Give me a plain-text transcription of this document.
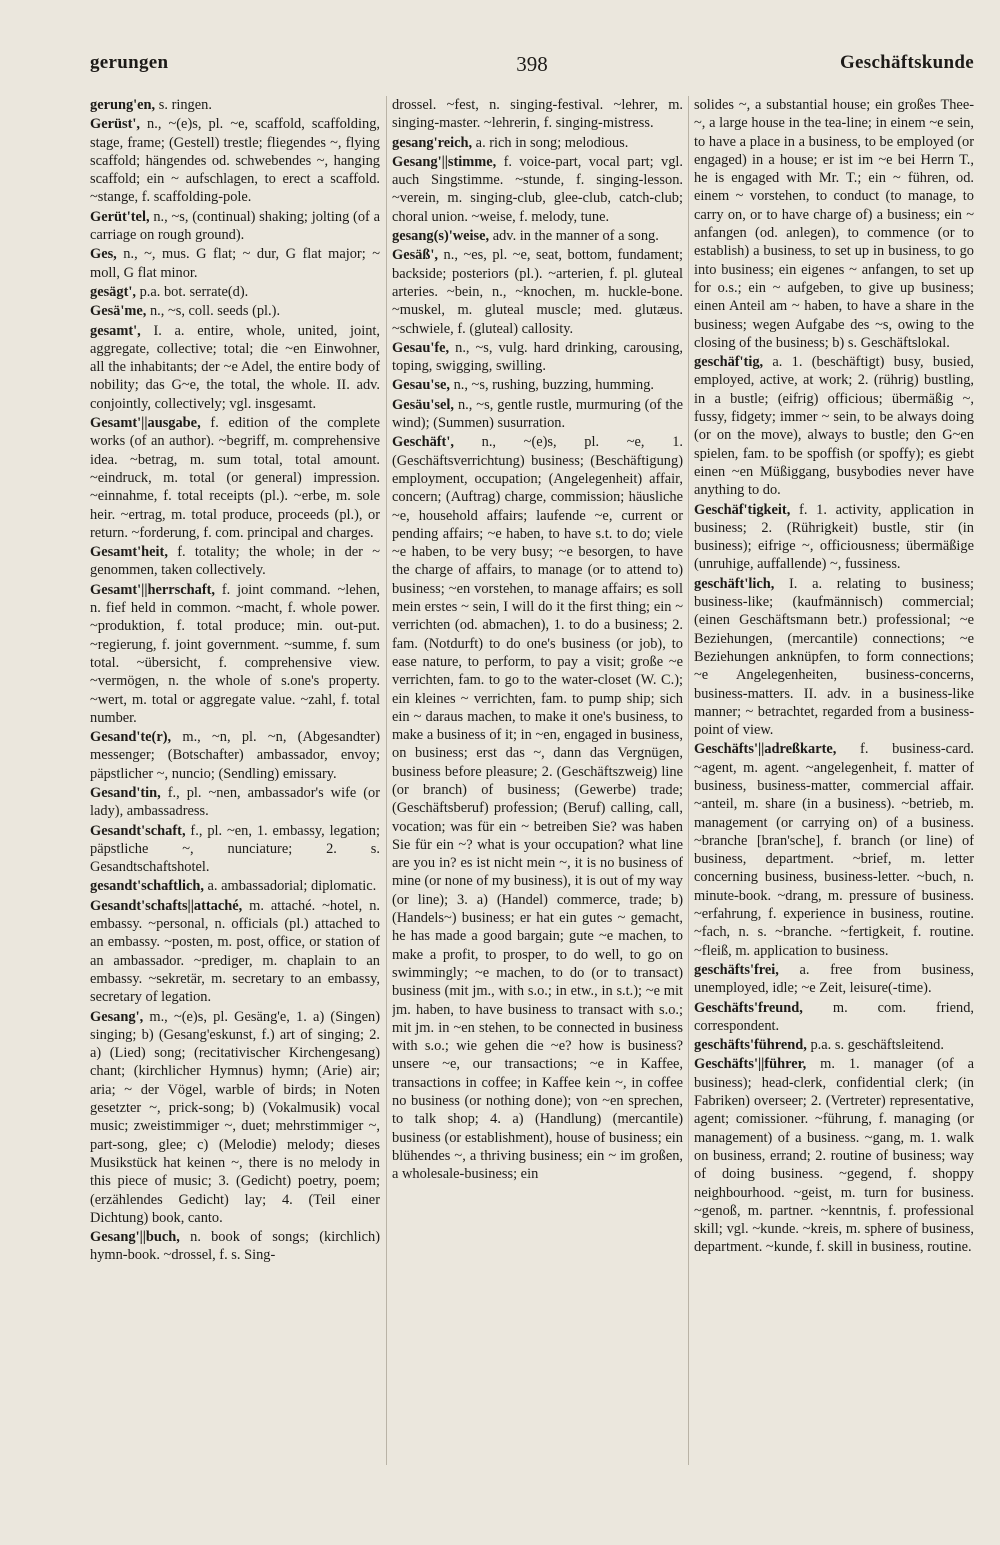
gerungen	398	Geschäftskunde
gerung'en, s. ringen.
Gerüst', n., ~(e)s, pl. ~e, scaffold, scaffolding, stage, frame; (Gestell) trestle; fliegendes ~, flying scaffold; hängendes od. schwebendes ~, hanging scaffold; ein ~ aufschlagen, to erect a scaffold. ~stange, f. scaffolding-pole.
Gerüt'tel, n., ~s, (continual) shaking; jolting (of a carriage on rough ground).
Ges, n., ~, mus. G flat; ~ dur, G flat major; ~ moll, G flat minor.
gesägt', p.a. bot. serrate(d).
Gesä'me, n., ~s, coll. seeds (pl.).
gesamt', I. a. entire, whole, united, joint, aggregate, collective; total; die ~en Einwohner, all the inhabitants; der ~e Adel, the entire body of nobility; das G~e, the total, the whole. II. adv. conjointly, collectively; vgl. insgesamt.
Gesamt'||ausgabe, f. edition of the complete works (of an author). ~begriff, m. comprehensive idea. ~betrag, m. sum total, total amount. ~eindruck, m. total (or general) impression. ~einnahme, f. total receipts (pl.). ~erbe, m. sole heir. ~ertrag, m. total produce, proceeds (pl.), or return. ~forderung, f. com. principal and charges.
Gesamt'heit, f. totality; the whole; in der ~ genommen, taken collectively.
Gesamt'||herrschaft, f. joint command. ~lehen, n. fief held in common. ~macht, f. whole power. ~produktion, f. total produce; min. out-put. ~regierung, f. joint government. ~summe, f. sum total. ~übersicht, f. comprehensive view. ~vermögen, n. the whole of s.one's property. ~wert, m. total or aggregate value. ~zahl, f. total number.
Gesand'te(r), m., ~n, pl. ~n, (Abgesandter) messenger; (Botschafter) ambassador, envoy; päpstlicher ~, nuncio; (Sendling) emissary.
Gesand'tin, f., pl. ~nen, ambassador's wife (or lady), ambassadress.
Gesandt'schaft, f., pl. ~en, 1. embassy, legation; päpstliche ~, nunciature; 2. s. Gesandtschaftshotel.
gesandt'schaftlich, a. ambassadorial; diplomatic.
Gesandt'schafts||attaché, m. attaché. ~hotel, n. embassy. ~personal, n. officials (pl.) attached to an embassy. ~posten, m. post, office, or station of an ambassador. ~prediger, m. chaplain to an embassy. ~sekretär, m. secretary to an embassy, secretary of legation.
Gesang', m., ~(e)s, pl. Gesäng'e, 1. a) (Singen) singing; b) (Gesang'eskunst, f.) art of singing; 2. a) (Lied) song; (recitativischer Kirchengesang) chant; (kirchlicher Hymnus) hymn; (Arie) air; aria; ~ der Vögel, warble of birds; in Noten gesetzter ~, prick-song; b) (Vokalmusik) vocal music; zweistimmiger ~, duet; mehrstimmiger ~, part-song, glee; c) (Melodie) melody; dieses Musikstück hat keinen ~, there is no melody in this piece of music; 3. (Gedicht) poetry, poem; (erzählendes Gedicht) lay; 4. (Teil einer Dichtung) book, canto.
Gesang'||buch, n. book of songs; (kirchlich) hymn-book. ~drossel, f. s. Sing-
drossel. ~fest, n. singing-festival. ~lehrer, m. singing-master. ~lehrerin, f. singing-mistress.
gesang'reich, a. rich in song; melodious.
Gesang'||stimme, f. voice-part, vocal part; vgl. auch Singstimme. ~stunde, f. singing-lesson. ~verein, m. singing-club, glee-club, catch-club; choral union. ~weise, f. melody, tune.
gesang(s)'weise, adv. in the manner of a song.
Gesäß', n., ~es, pl. ~e, seat, bottom, fundament; backside; posteriors (pl.). ~arterien, f. pl. gluteal arteries. ~bein, n., ~knochen, m. huckle-bone. ~muskel, m. gluteal muscle; med. glutæus. ~schwiele, f. (gluteal) callosity.
Gesau'fe, n., ~s, vulg. hard drinking, carousing, toping, swigging, swilling.
Gesau'se, n., ~s, rushing, buzzing, humming.
Gesäu'sel, n., ~s, gentle rustle, murmuring (of the wind); (Summen) susurration.
Geschäft', n., ~(e)s, pl. ~e, 1. (Geschäftsverrichtung) business; (Beschäftigung) employment, occupation; (Angelegenheit) affair, concern; (Auftrag) charge, commission; häusliche ~e, household affairs; laufende ~e, current or pending affairs; ~e haben, to have s.t. to do; viele ~e haben, to be very busy; ~e besorgen, to have the charge of affairs, to manage (or to attend to) business; ~en vorstehen, to manage affairs; es soll mein erstes ~ sein, I will do it the first thing; ein ~ verrichten (od. abmachen), 1. to do a business; 2. fam. (Notdurft) to do one's business (or job), to ease nature, to perform, to pay a visit; große ~e verrichten, fam. to go to the water-closet (W. C.); ein kleines ~ verrichten, fam. to pump ship; sich ein ~ daraus machen, to make it one's business, to make a business of it; in ~en, engaged in business, on business; erst das ~, dann das Vergnügen, business before pleasure; 2. (Geschäftszweig) line (or branch) of business; (Gewerbe) trade; (Geschäftsberuf) profession; (Beruf) calling, call, vocation; was für ein ~ betreiben Sie? was haben Sie für ein ~? what is your occupation? what line are you in? es ist nicht mein ~, it is no business of mine (or none of my business), it is out of my way (or line); 3. a) (Handel) commerce, trade; b) (Handels~) business; er hat ein gutes ~ gemacht, he has made a good bargain; gute ~e machen, to make a profit, to prosper, to do well, to go on swimmingly; ~e machen, to do (or to transact) business (mit jm., with s.o.; in etw., in s.t.); ~e mit jm. haben, to have business to transact with s.o.; mit jm. in ~en stehen, to be connected in business with s.o.; wie gehen die ~e? how is business? unsere ~e, our transactions; ~e in Kaffee, transactions in coffee; in Kaffee kein ~, in coffee no business (or nothing done); von ~en sprechen, to talk shop; 4. a) (Handlung) (mercantile) business (or establishment), house of business; ein blühendes ~, a thriving business; ein ~ im großen, a wholesale-business; ein
solides ~, a substantial house; ein großes Thee-~, a large house in the tea-line; in einem ~e sein, to have a place in a business, to be employed (or engaged) in a house; er ist im ~e bei Herrn T., he is engaged with Mr. T.; ein ~ führen, od. einem ~ vorstehen, to conduct (to manage, to carry on, or to have charge of) a business; ein ~ anfangen (od. anlegen), to commence (or to establish) a business, to set up in business, to go into business; ein eigenes ~ anfangen, to set up for o.s.; ein ~ aufgeben, to give up business; einen Anteil am ~ haben, to have a share in the business; wegen Aufgabe des ~s, owing to the closing of the business; b) s. Geschäftslokal.
geschäf'tig, a. 1. (beschäftigt) busy, busied, employed, active, at work; 2. (rührig) bustling, in a bustle; (eifrig) officious; übermäßig ~, fussy, fidgety; immer ~ sein, to be always doing (or on the move), always to bustle; den G~en spielen, fam. to be spoffish (or spoffy); es giebt einen ~en Müßiggang, busybodies never have anything to do.
Geschäf'tigkeit, f. 1. activity, application in business; 2. (Rührigkeit) bustle, stir (in business); eifrige ~, officiousness; übermäßige (unruhige, auffallende) ~, fussiness.
geschäft'lich, I. a. relating to business; business-like; (kaufmännisch) commercial; (einen Geschäftsmann betr.) professional; ~e Beziehungen, (mercantile) connections; ~e Beziehungen anknüpfen, to form connections; ~e Angelegenheiten, business-concerns, business-matters. II. adv. in a business-like manner; ~ betrachtet, regarded from a business-point of view.
Geschäfts'||adreßkarte, f. business-card. ~agent, m. agent. ~angelegenheit, f. matter of business, business-matter, commercial affair. ~anteil, m. share (in a business). ~betrieb, m. management (or carrying on) of a business. ~branche [bran'sche], f. branch (or line) of business, department. ~brief, m. letter concerning business, business-letter. ~buch, n. minute-book. ~drang, m. pressure of business. ~erfahrung, f. experience in business, routine. ~fach, n. s. ~branche. ~fertigkeit, f. routine. ~fleiß, m. application to business.
geschäfts'frei, a. free from business, unemployed, idle; ~e Zeit, leisure(-time).
Geschäfts'freund, m. com. friend, correspondent.
geschäfts'führend, p.a. s. geschäftsleitend.
Geschäfts'||führer, m. 1. manager (of a business); head-clerk, confidential clerk; (in Fabriken) overseer; 2. (Vertreter) representative, agent; comissioner. ~führung, f. managing (or management) of a business. ~gang, m. 1. walk on business, errand; 2. routine of business; way of doing business. ~gegend, f. shoppy neighbourhood. ~geist, m. turn for business. ~genoß, m. partner. ~kenntnis, f. professional skill; vgl. ~kunde. ~kreis, m. sphere of business, department. ~kunde, f. skill in business, routine.
